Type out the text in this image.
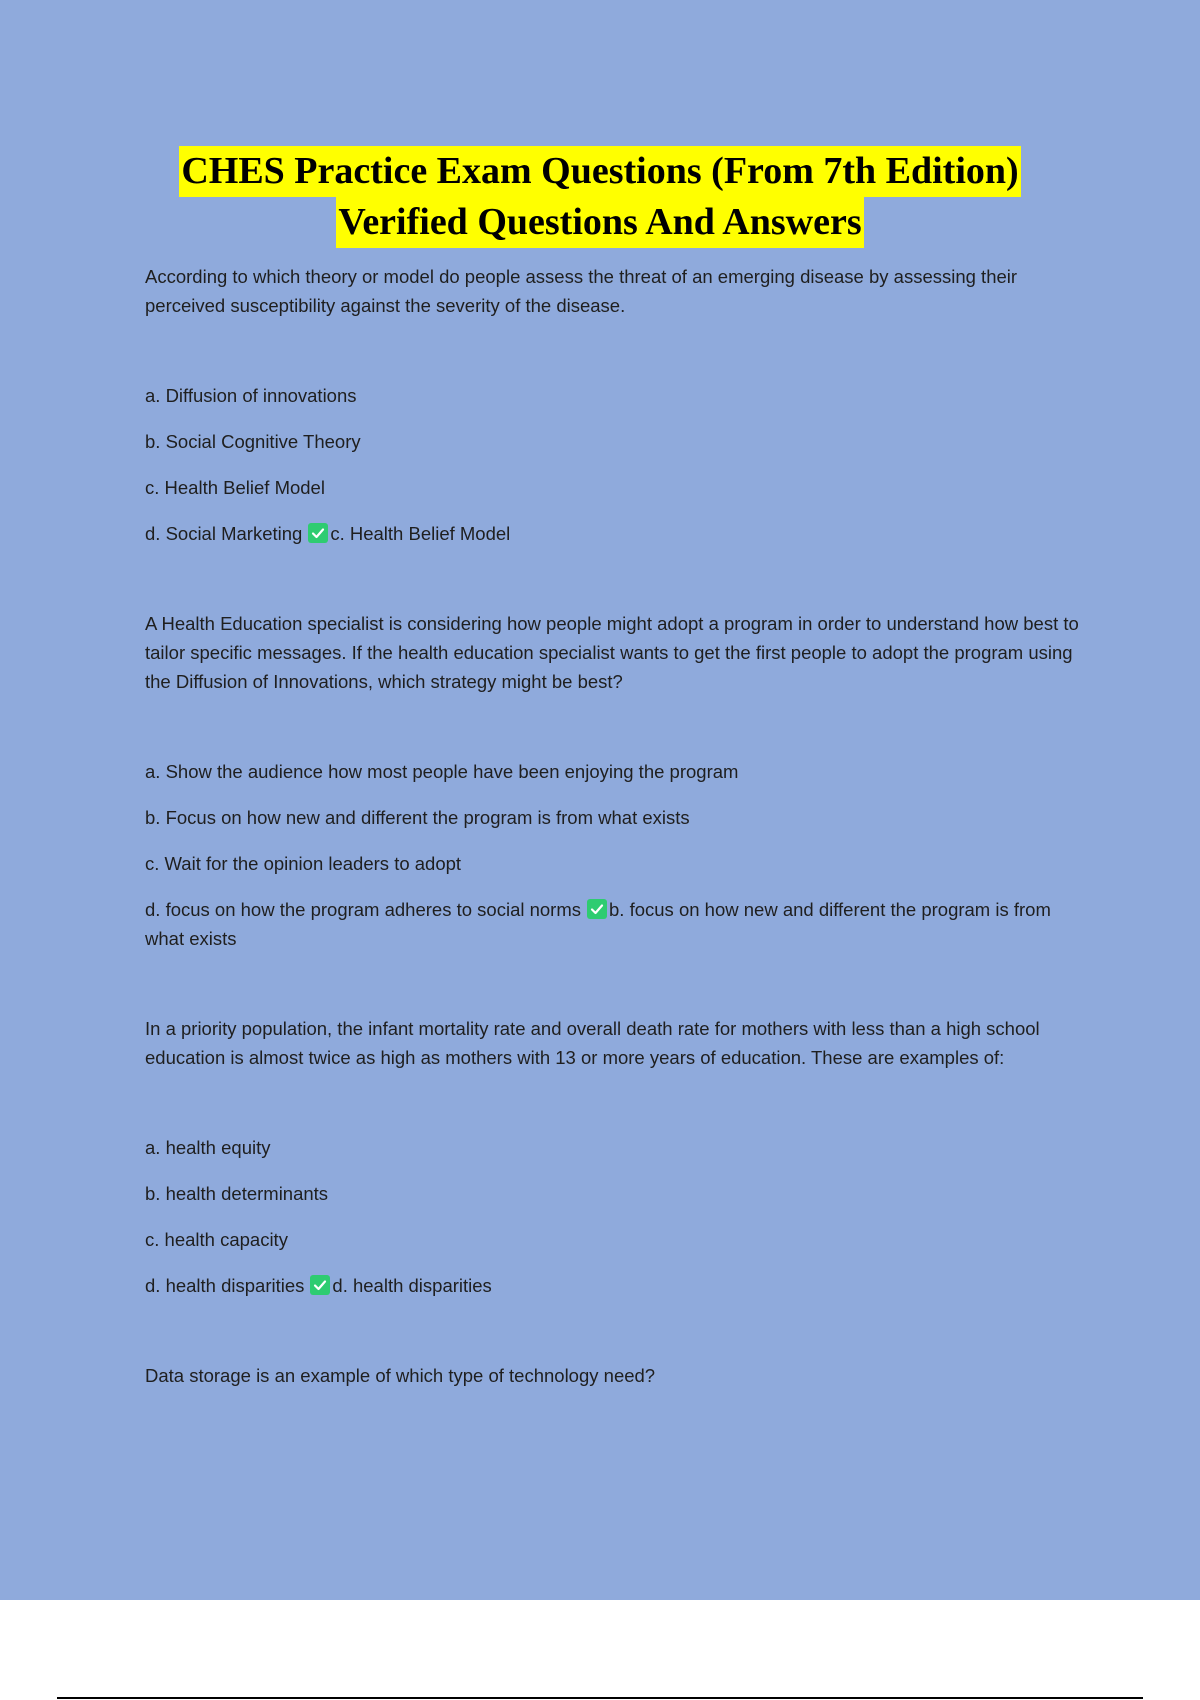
CHES Practice Exam Questions (From 7th Edition)
Verified Questions And Answers

According to which theory or model do people assess the threat of an emerging disease by assessing their perceived susceptibility against the severity of the disease.

a. Diffusion of innovations

b. Social Cognitive Theory

c. Health Belief Model

d. Social Marketing c. Health Belief Model

A Health Education specialist is considering how people might adopt a program in order to understand how best to tailor specific messages. If the health education specialist wants to get the first people to adopt the program using the Diffusion of Innovations, which strategy might be best?

a. Show the audience how most people have been enjoying the program

b. Focus on how new and different the program is from what exists

c. Wait for the opinion leaders to adopt

d. focus on how the program adheres to social norms b. focus on how new and different the program is from what exists

In a priority population, the infant mortality rate and overall death rate for mothers with less than a high school education is almost twice as high as mothers with 13 or more years of education. These are examples of:

a. health equity

b. health determinants

c. health capacity

d. health disparities d. health disparities

Data storage is an example of which type of technology need?
